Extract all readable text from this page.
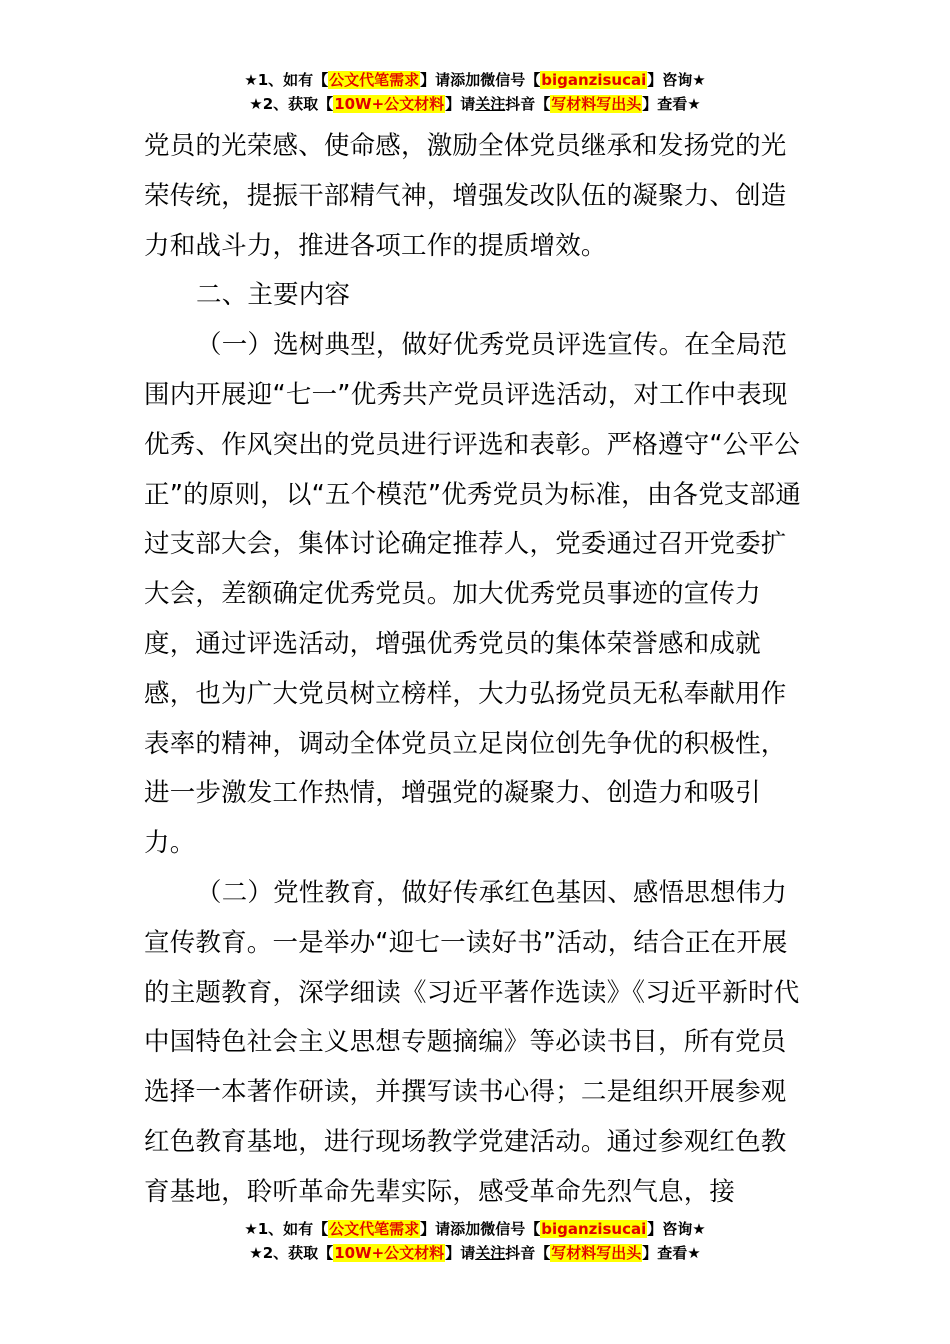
★1、如有【公文代笔需求】请添加微信号【biganzisucai】咨询★
★2、获取【10W+公文材料】请关注抖音【写材料写出头】查看★

党员的光荣感、使命感，激励全体党员继承和发扬党的光荣传统，提振干部精气神，增强发改队伍的凝聚力、创造力和战斗力，推进各项工作的提质增效。

二、主要内容

（一）选树典型，做好优秀党员评选宣传。在全局范围内开展迎“七一”优秀共产党员评选活动，对工作中表现优秀、作风突出的党员进行评选和表彰。严格遵守“公平公正”的原则，以“五个模范”优秀党员为标准，由各党支部通过支部大会，集体讨论确定推荐人，党委通过召开党委扩大会，差额确定优秀党员。加大优秀党员事迹的宣传力度，通过评选活动，增强优秀党员的集体荣誉感和成就感，也为广大党员树立榜样，大力弘扬党员无私奉献用作表率的精神，调动全体党员立足岗位创先争优的积极性，进一步激发工作热情，增强党的凝聚力、创造力和吸引力。

（二）党性教育，做好传承红色基因、感悟思想伟力宣传教育。一是举办“迎七一读好书”活动，结合正在开展的主题教育，深学细读《习近平著作选读》《习近平新时代中国特色社会主义思想专题摘编》等必读书目，所有党员选择一本著作研读，并撰写读书心得；二是组织开展参观红色教育基地，进行现场教学党建活动。通过参观红色教育基地，聆听革命先辈实际，感受革命先烈气息，接

★1、如有【公文代笔需求】请添加微信号【biganzisucai】咨询★
★2、获取【10W+公文材料】请关注抖音【写材料写出头】查看★
